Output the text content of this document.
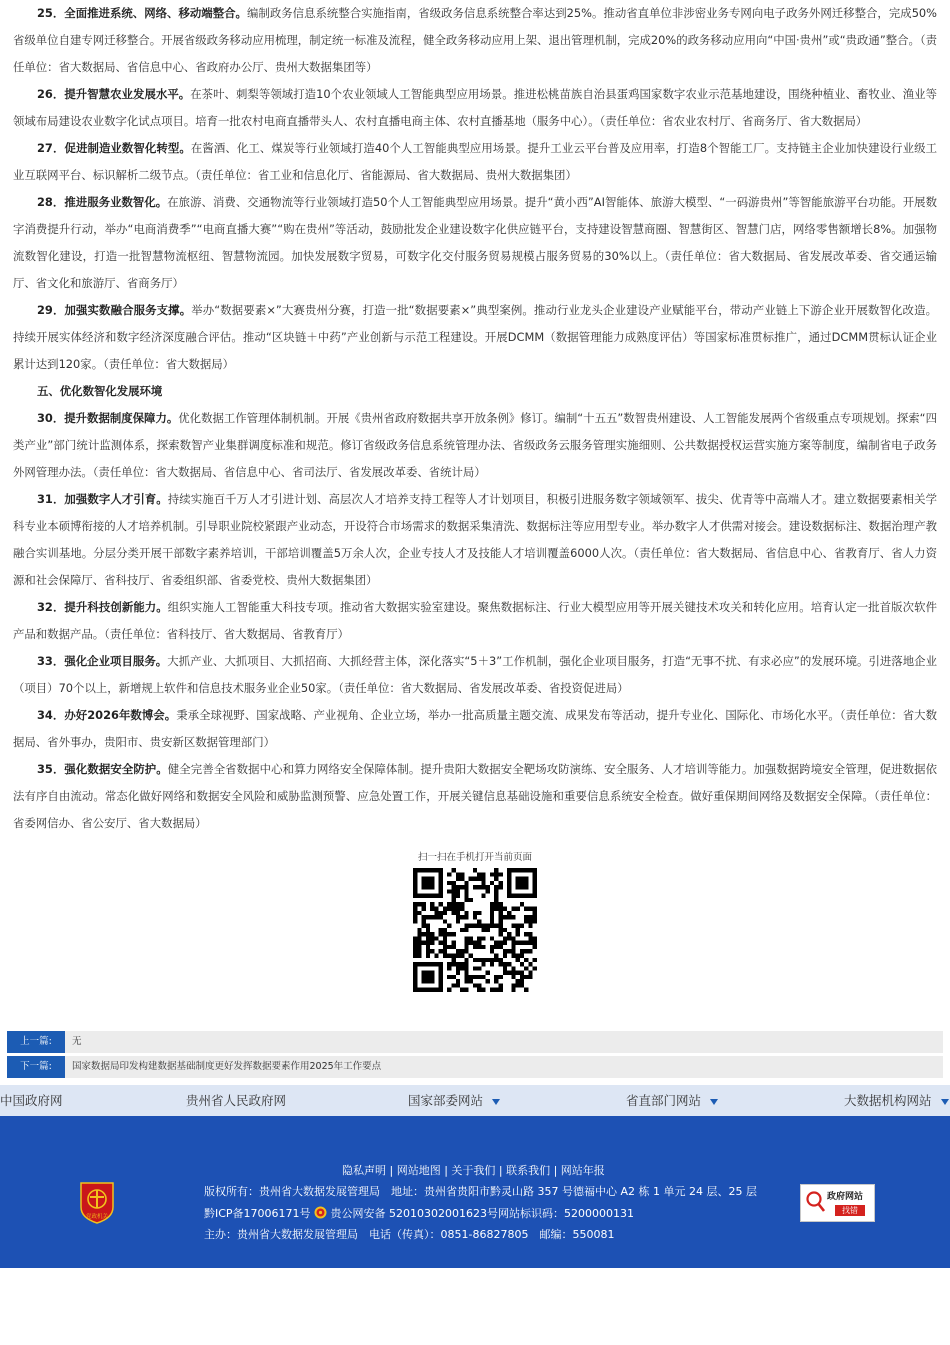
25．全面推进系统、网络、移动端整合。编制政务信息系统整合实施指南，省级政务信息系统整合率达到25%。推动省直单位非涉密业务专网向电子政务外网迁移整合，完成50%省级单位自建专网迁移整合。开展省级政务移动应用梳理，制定统一标准及流程，健全政务移动应用上架、退出管理机制，完成20%的政务移动应用向“中国·贵州”或“贵政通”整合。（责任单位：省大数据局、省信息中心、省政府办公厅、贵州大数据集团等）

26．提升智慧农业发展水平。在茶叶、刺梨等领域打造10个农业领域人工智能典型应用场景。推进松桃苗族自治县蛋鸡国家数字农业示范基地建设，围绕种植业、畜牧业、渔业等领域布局建设农业数字化试点项目。培育一批农村电商直播带头人、农村直播电商主体、农村直播基地（服务中心）。（责任单位：省农业农村厅、省商务厅、省大数据局）

27．促进制造业数智化转型。在酱酒、化工、煤炭等行业领域打造40个人工智能典型应用场景。提升工业云平台普及应用率，打造8个智能工厂。支持链主企业加快建设行业级工业互联网平台、标识解析二级节点。（责任单位：省工业和信息化厅、省能源局、省大数据局、贵州大数据集团）

28．推进服务业数智化。在旅游、消费、交通物流等行业领域打造50个人工智能典型应用场景。提升“黄小西”AI智能体、旅游大模型、“一码游贵州”等智能旅游平台功能。开展数字消费提升行动，举办“电商消费季”“电商直播大赛”“购在贵州”等活动，鼓励批发企业建设数字化供应链平台，支持建设智慧商圈、智慧街区、智慧门店，网络零售额增长8%。加强物流数智化建设，打造一批智慧物流枢纽、智慧物流园。加快发展数字贸易，可数字化交付服务贸易规模占服务贸易的30%以上。（责任单位：省大数据局、省发展改革委、省交通运输厅、省文化和旅游厅、省商务厅）

29．加强实数融合服务支撑。举办“数据要素×”大赛贵州分赛，打造一批“数据要素×”典型案例。推动行业龙头企业建设产业赋能平台，带动产业链上下游企业开展数智化改造。持续开展实体经济和数字经济深度融合评估。推动“区块链＋中药”产业创新与示范工程建设。开展DCMM（数据管理能力成熟度评估）等国家标准贯标推广，通过DCMM贯标认证企业累计达到120家。（责任单位：省大数据局）

五、优化数智化发展环境

30．提升数据制度保障力。优化数据工作管理体制机制。开展《贵州省政府数据共享开放条例》修订。编制“十五五”数智贵州建设、人工智能发展两个省级重点专项规划。探索“四类产业”部门统计监测体系，探索数智产业集群调度标准和规范。修订省级政务信息系统管理办法、省级政务云服务管理实施细则、公共数据授权运营实施方案等制度，编制省电子政务外网管理办法。（责任单位：省大数据局、省信息中心、省司法厅、省发展改革委、省统计局）

31．加强数字人才引育。持续实施百千万人才引进计划、高层次人才培养支持工程等人才计划项目，积极引进服务数字领域领军、拔尖、优青等中高端人才。建立数据要素相关学科专业本硕博衔接的人才培养机制。引导职业院校紧跟产业动态，开设符合市场需求的数据采集清洗、数据标注等应用型专业。举办数字人才供需对接会。建设数据标注、数据治理产教融合实训基地。分层分类开展干部数字素养培训，干部培训覆盖5万余人次，企业专技人才及技能人才培训覆盖6000人次。（责任单位：省大数据局、省信息中心、省教育厅、省人力资源和社会保障厅、省科技厅、省委组织部、省委党校、贵州大数据集团）

32．提升科技创新能力。组织实施人工智能重大科技专项。推动省大数据实验室建设。聚焦数据标注、行业大模型应用等开展关键技术攻关和转化应用。培育认定一批首版次软件产品和数据产品。（责任单位：省科技厅、省大数据局、省教育厅）

33．强化企业项目服务。大抓产业、大抓项目、大抓招商、大抓经营主体，深化落实“5＋3”工作机制，强化企业项目服务，打造“无事不扰、有求必应”的发展环境。引进落地企业（项目）70个以上，新增规上软件和信息技术服务业企业50家。（责任单位：省大数据局、省发展改革委、省投资促进局）

34．办好2026年数博会。秉承全球视野、国家战略、产业视角、企业立场，举办一批高质量主题交流、成果发布等活动，提升专业化、国际化、市场化水平。（责任单位：省大数据局、省外事办，贵阳市、贵安新区数据管理部门）

35．强化数据安全防护。健全完善全省数据中心和算力网络安全保障体制。提升贵阳大数据安全靶场攻防演练、安全服务、人才培训等能力。加强数据跨境安全管理，促进数据依法有序自由流动。常态化做好网络和数据安全风险和威胁监测预警、应急处置工作，开展关键信息基础设施和重要信息系统安全检查。做好重保期间网络及数据安全保障。（责任单位：省委网信办、省公安厅、省大数据局）

扫一扫在手机打开当前页面
上一篇:	无
下一篇:	国家数据局印发构建数据基础制度更好发挥数据要素作用2025年工作要点
中国政府网	贵州省人民政府网	国家部委网站	省直部门网站	大数据机构网站
隐私声明 | 网站地图 | 关于我们 | 联系我们 | 网站年报
版权所有：贵州省大数据发展管理局　地址：贵州省贵阳市黔灵山路 357 号德福中心 A2 栋 1 单元 24 层、25 层
黔ICP备17006171号	贵公网安备 52010302001623号 网站标识码：5200000131
主办：贵州省大数据发展管理局　电话（传真）：0851-86827805　邮编：550081
党政机关
政府网站
找错
